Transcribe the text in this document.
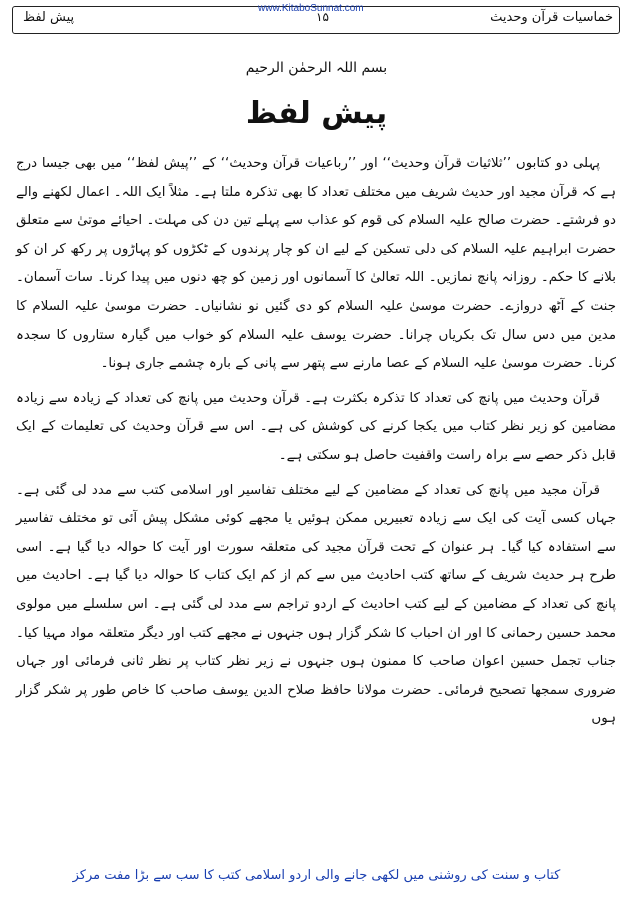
خماسیات قرآن وحدیث
۱۵
پیش لفظ
www.KitaboSunnat.com
بسم اللہ الرحمٰن الرحیم
پیش لفظ

پہلی دو کتابوں ’’ثلاثیات قرآن وحدیث‘‘ اور ’’رباعیات قرآن وحدیث‘‘ کے ’’پیش لفظ‘‘ میں بھی جیسا درج ہے کہ قرآن مجید اور حدیث شریف میں مختلف تعداد کا بھی تذکرہ ملتا ہے۔ مثلاً ایک اللہ۔ اعمال لکھنے والے دو فرشتے۔ حضرت صالح علیہ السلام کی قوم کو عذاب سے پہلے تین دن کی مہلت۔ احیائے موتیٰ سے متعلق حضرت ابراہیم علیہ السلام کی دلی تسکین کے لیے ان کو چار پرندوں کے ٹکڑوں کو پہاڑوں پر رکھ کر ان کو بلانے کا حکم۔ روزانہ پانچ نمازیں۔ اللہ تعالیٰ کا آسمانوں اور زمین کو چھ دنوں میں پیدا کرنا۔ سات آسمان۔ جنت کے آٹھ دروازے۔ حضرت موسیٰ علیہ السلام کو دی گئیں نو نشانیاں۔ حضرت موسیٰ علیہ السلام کا مدین میں دس سال تک بکریاں چرانا۔ حضرت یوسف علیہ السلام کو خواب میں گیارہ ستاروں کا سجدہ کرنا۔ حضرت موسیٰ علیہ السلام کے عصا مارنے سے پتھر سے پانی کے بارہ چشمے جاری ہونا۔

قرآن وحدیث میں پانچ کی تعداد کا تذکرہ بکثرت ہے۔ قرآن وحدیث میں پانچ کی تعداد کے زیادہ سے زیادہ مضامین کو زیر نظر کتاب میں یکجا کرنے کی کوشش کی ہے۔ اس سے قرآن وحدیث کی تعلیمات کے ایک قابل ذکر حصے سے براہ راست واقفیت حاصل ہو سکتی ہے۔

قرآن مجید میں پانچ کی تعداد کے مضامین کے لیے مختلف تفاسیر اور اسلامی کتب سے مدد لی گئی ہے۔ جہاں کسی آیت کی ایک سے زیادہ تعبیریں ممکن ہوئیں یا مجھے کوئی مشکل پیش آئی تو مختلف تفاسیر سے استفادہ کیا گیا۔ ہر عنوان کے تحت قرآن مجید کی متعلقہ سورت اور آیت کا حوالہ دیا گیا ہے۔ اسی طرح ہر حدیث شریف کے ساتھ کتب احادیث میں سے کم از کم ایک کتاب کا حوالہ دیا گیا ہے۔ احادیث میں پانچ کی تعداد کے مضامین کے لیے کتب احادیث کے اردو تراجم سے مدد لی گئی ہے۔ اس سلسلے میں مولوی محمد حسین رحمانی کا اور ان احباب کا شکر گزار ہوں جنہوں نے مجھے کتب اور دیگر متعلقہ مواد مہیا کیا۔ جناب تجمل حسین اعوان صاحب کا ممنون ہوں جنہوں نے زیر نظر کتاب پر نظر ثانی فرمائی اور جہاں ضروری سمجھا تصحیح فرمائی۔ حضرت مولانا حافظ صلاح الدین یوسف صاحب کا خاص طور پر شکر گزار ہوں

کتاب و سنت کی روشنی میں لکھی جانے والی اردو اسلامی کتب کا سب سے بڑا مفت مرکز
